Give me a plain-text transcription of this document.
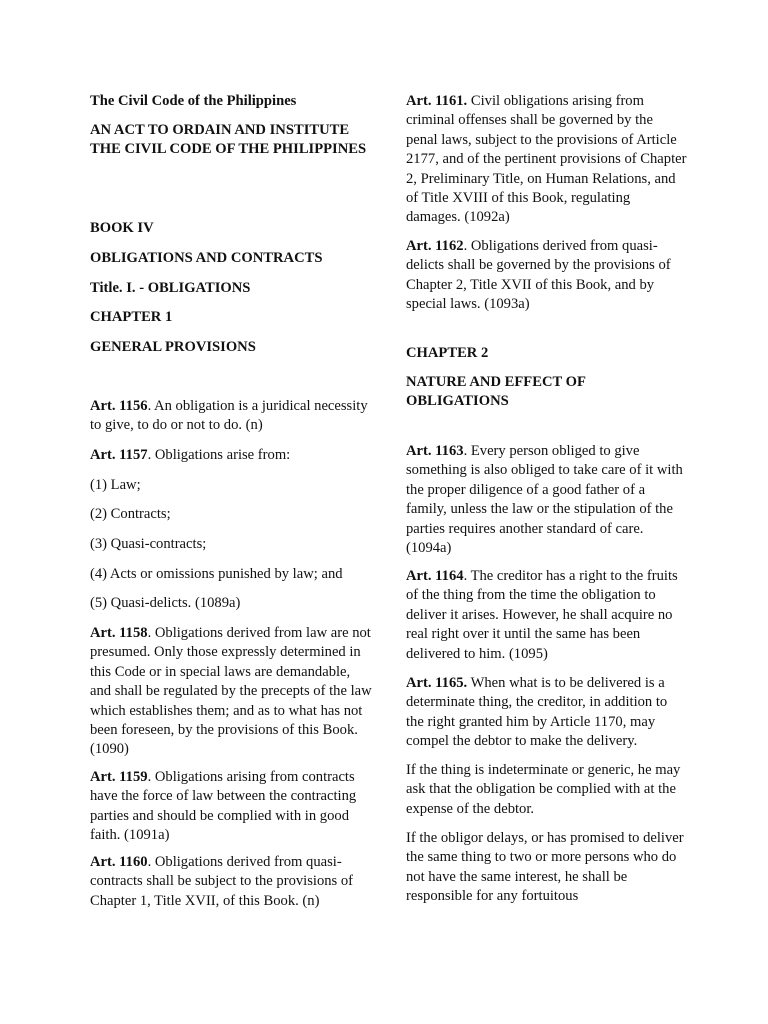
The Civil Code of the Philippines

AN ACT TO ORDAIN AND INSTITUTE THE CIVIL CODE OF THE PHILIPPINES

BOOK IV

OBLIGATIONS AND CONTRACTS

Title. I. - OBLIGATIONS

CHAPTER 1

GENERAL PROVISIONS

Art. 1156. An obligation is a juridical necessity to give, to do or not to do. (n)

Art. 1157. Obligations arise from:

(1) Law;

(2) Contracts;

(3) Quasi-contracts;

(4) Acts or omissions punished by law; and

(5) Quasi-delicts. (1089a)

Art. 1158. Obligations derived from law are not presumed. Only those expressly determined in this Code or in special laws are demandable, and shall be regulated by the precepts of the law which establishes them; and as to what has not been foreseen, by the provisions of this Book. (1090)

Art. 1159. Obligations arising from contracts have the force of law between the contracting parties and should be complied with in good faith. (1091a)

Art. 1160. Obligations derived from quasi-contracts shall be subject to the provisions of Chapter 1, Title XVII, of this Book. (n)

Art. 1161. Civil obligations arising from criminal offenses shall be governed by the penal laws, subject to the provisions of Article 2177, and of the pertinent provisions of Chapter 2, Preliminary Title, on Human Relations, and of Title XVIII of this Book, regulating damages. (1092a)

Art. 1162. Obligations derived from quasi-delicts shall be governed by the provisions of Chapter 2, Title XVII of this Book, and by special laws. (1093a)

CHAPTER 2

NATURE AND EFFECT OF OBLIGATIONS

Art. 1163. Every person obliged to give something is also obliged to take care of it with the proper diligence of a good father of a family, unless the law or the stipulation of the parties requires another standard of care. (1094a)

Art. 1164. The creditor has a right to the fruits of the thing from the time the obligation to deliver it arises. However, he shall acquire no real right over it until the same has been delivered to him. (1095)

Art. 1165. When what is to be delivered is a determinate thing, the creditor, in addition to the right granted him by Article 1170, may compel the debtor to make the delivery.

If the thing is indeterminate or generic, he may ask that the obligation be complied with at the expense of the debtor.

If the obligor delays, or has promised to deliver the same thing to two or more persons who do not have the same interest, he shall be responsible for any fortuitous
